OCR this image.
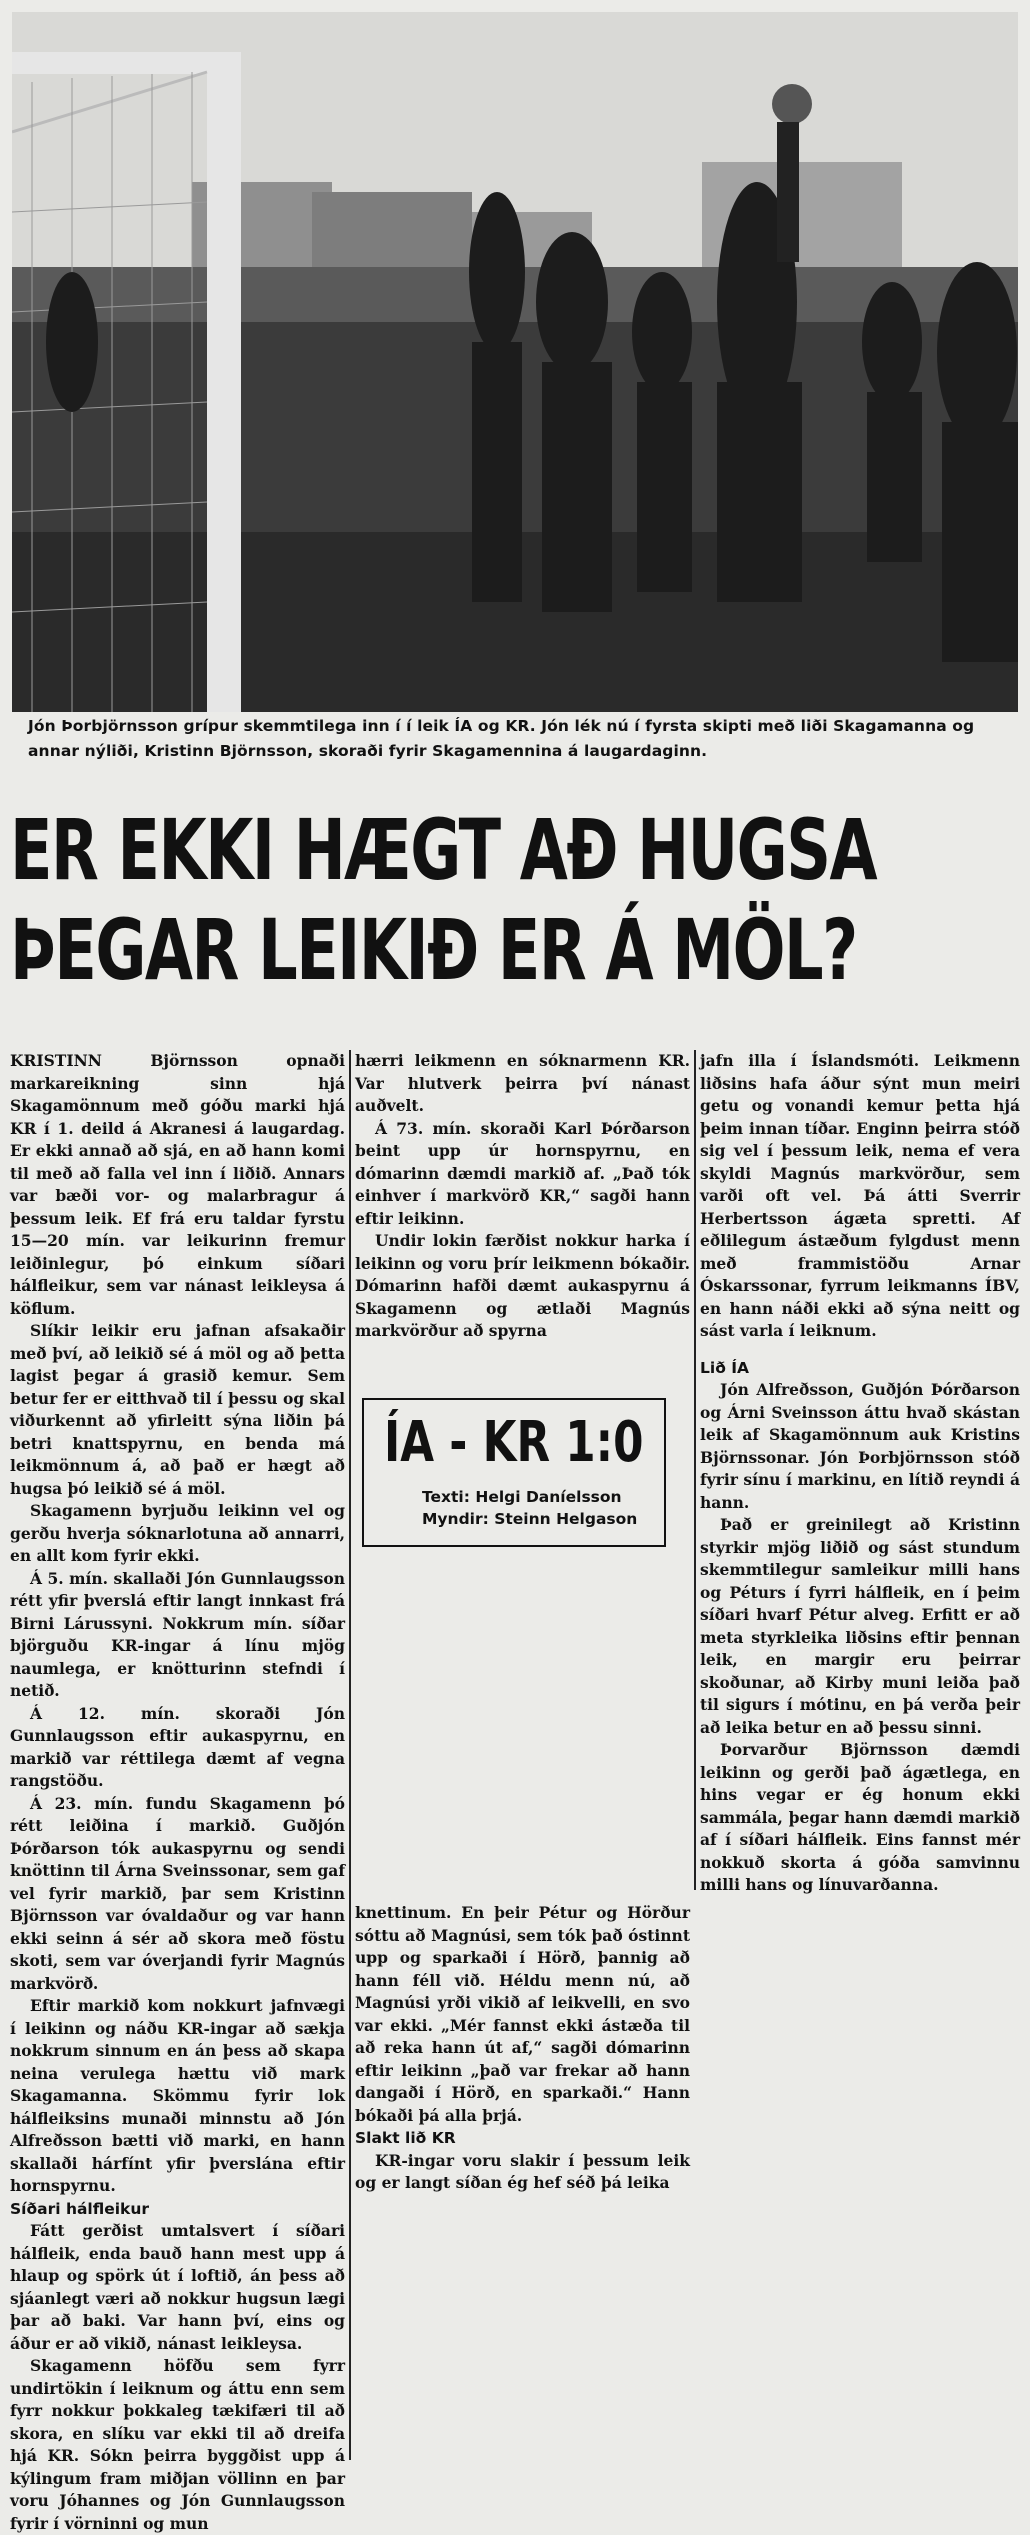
Jón Þorbjörnsson grípur skemmtilega inn í í leik ÍA og KR. Jón lék nú í fyrsta skipti með liði Skagamanna og annar nýliði, Kristinn Björnsson, skoraði fyrir Skagamennina á laugardaginn.
ER EKKI HÆGT AÐ HUGSA
ÞEGAR LEIKIÐ ER Á MÖL?

KRISTINN Björnsson opnaði markareikning sinn hjá Skagamönnum með góðu marki hjá KR í 1. deild á Akranesi á laugardag. Er ekki annað að sjá, en að hann komi til með að falla vel inn í liðið. Annars var bæði vor- og malarbragur á þessum leik. Ef frá eru taldar fyrstu 15—20 mín. var leikurinn fremur leiðinlegur, þó einkum síðari hálfleikur, sem var nánast leikleysa á köflum.

Slíkir leikir eru jafnan afsakaðir með því, að leikið sé á möl og að þetta lagist þegar á grasið kemur. Sem betur fer er eitthvað til í þessu og skal viðurkennt að yfirleitt sýna liðin þá betri knattspyrnu, en benda má leikmönnum á, að það er hægt að hugsa þó leikið sé á möl.

Skagamenn byrjuðu leikinn vel og gerðu hverja sóknarlotuna að annarri, en allt kom fyrir ekki.

Á 5. mín. skallaði Jón Gunnlaugsson rétt yfir þverslá eftir langt innkast frá Birni Lárussyni. Nokkrum mín. síðar björguðu KR-ingar á línu mjög naumlega, er knötturinn stefndi í netið.

Á 12. mín. skoraði Jón Gunnlaugsson eftir aukaspyrnu, en markið var réttilega dæmt af vegna rangstöðu.

Á 23. mín. fundu Skagamenn þó rétt leiðina í markið. Guðjón Þórðarson tók aukaspyrnu og sendi knöttinn til Árna Sveinssonar, sem gaf vel fyrir markið, þar sem Kristinn Björnsson var óvaldaður og var hann ekki seinn á sér að skora með föstu skoti, sem var óverjandi fyrir Magnús markvörð.

Eftir markið kom nokkurt jafnvægi í leikinn og náðu KR-ingar að sækja nokkrum sinnum en án þess að skapa neina verulega hættu við mark Skagamanna. Skömmu fyrir lok hálfleiksins munaði minnstu að Jón Alfreðsson bætti við marki, en hann skallaði hárfínt yfir þverslána eftir hornspyrnu.

Síðari hálfleikur

Fátt gerðist umtalsvert í síðari hálfleik, enda bauð hann mest upp á hlaup og spörk út í loftið, án þess að sjáanlegt væri að nokkur hugsun lægi þar að baki. Var hann því, eins og áður er að vikið, nánast leikleysa.

Skagamenn höfðu sem fyrr undirtökin í leiknum og áttu enn sem fyrr nokkur þokkaleg tækifæri til að skora, en slíku var ekki til að dreifa hjá KR. Sókn þeirra byggðist upp á kýlingum fram miðjan völlinn en þar voru Jóhannes og Jón Gunnlaugsson fyrir í vörninni og mun

hærri leikmenn en sóknarmenn KR. Var hlutverk þeirra því nánast auðvelt.

Á 73. mín. skoraði Karl Þórðarson beint upp úr hornspyrnu, en dómarinn dæmdi markið af. „Það tók einhver í markvörð KR,“ sagði hann eftir leikinn.

Undir lokin færðist nokkur harka í leikinn og voru þrír leikmenn bókaðir. Dómarinn hafði dæmt aukaspyrnu á Skagamenn og ætlaði Magnús markvörður að spyrna

ÍA - KR 1:0
Texti: Helgi Daníelsson
Myndir: Steinn Helgason

knettinum. En þeir Pétur og Hörður sóttu að Magnúsi, sem tók það óstinnt upp og sparkaði í Hörð, þannig að hann féll við. Héldu menn nú, að Magnúsi yrði vikið af leikvelli, en svo var ekki. „Mér fannst ekki ástæða til að reka hann út af,“ sagði dómarinn eftir leikinn „það var frekar að hann dangaði í Hörð, en sparkaði.“ Hann bókaði þá alla þrjá.

Slakt lið KR

KR-ingar voru slakir í þessum leik og er langt síðan ég hef séð þá leika

jafn illa í Íslandsmóti. Leikmenn liðsins hafa áður sýnt mun meiri getu og vonandi kemur þetta hjá þeim innan tíðar. Enginn þeirra stóð sig vel í þessum leik, nema ef vera skyldi Magnús markvörður, sem varði oft vel. Þá átti Sverrir Herbertsson ágæta spretti. Af eðlilegum ástæðum fylgdust menn með frammistöðu Arnar Óskarssonar, fyrrum leikmanns ÍBV, en hann náði ekki að sýna neitt og sást varla í leiknum.

Lið ÍA

Jón Alfreðsson, Guðjón Þórðarson og Árni Sveinsson áttu hvað skástan leik af Skagamönnum auk Kristins Björnssonar. Jón Þorbjörnsson stóð fyrir sínu í markinu, en lítið reyndi á hann.

Það er greinilegt að Kristinn styrkir mjög liðið og sást stundum skemmtilegur samleikur milli hans og Péturs í fyrri hálfleik, en í þeim síðari hvarf Pétur alveg. Erfitt er að meta styrkleika liðsins eftir þennan leik, en margir eru þeirrar skoðunar, að Kirby muni leiða það til sigurs í mótinu, en þá verða þeir að leika betur en að þessu sinni.

Þorvarður Björnsson dæmdi leikinn og gerði það ágætlega, en hins vegar er ég honum ekki sammála, þegar hann dæmdi markið af í síðari hálfleik. Eins fannst mér nokkuð skorta á góða samvinnu milli hans og línuvarðanna.
